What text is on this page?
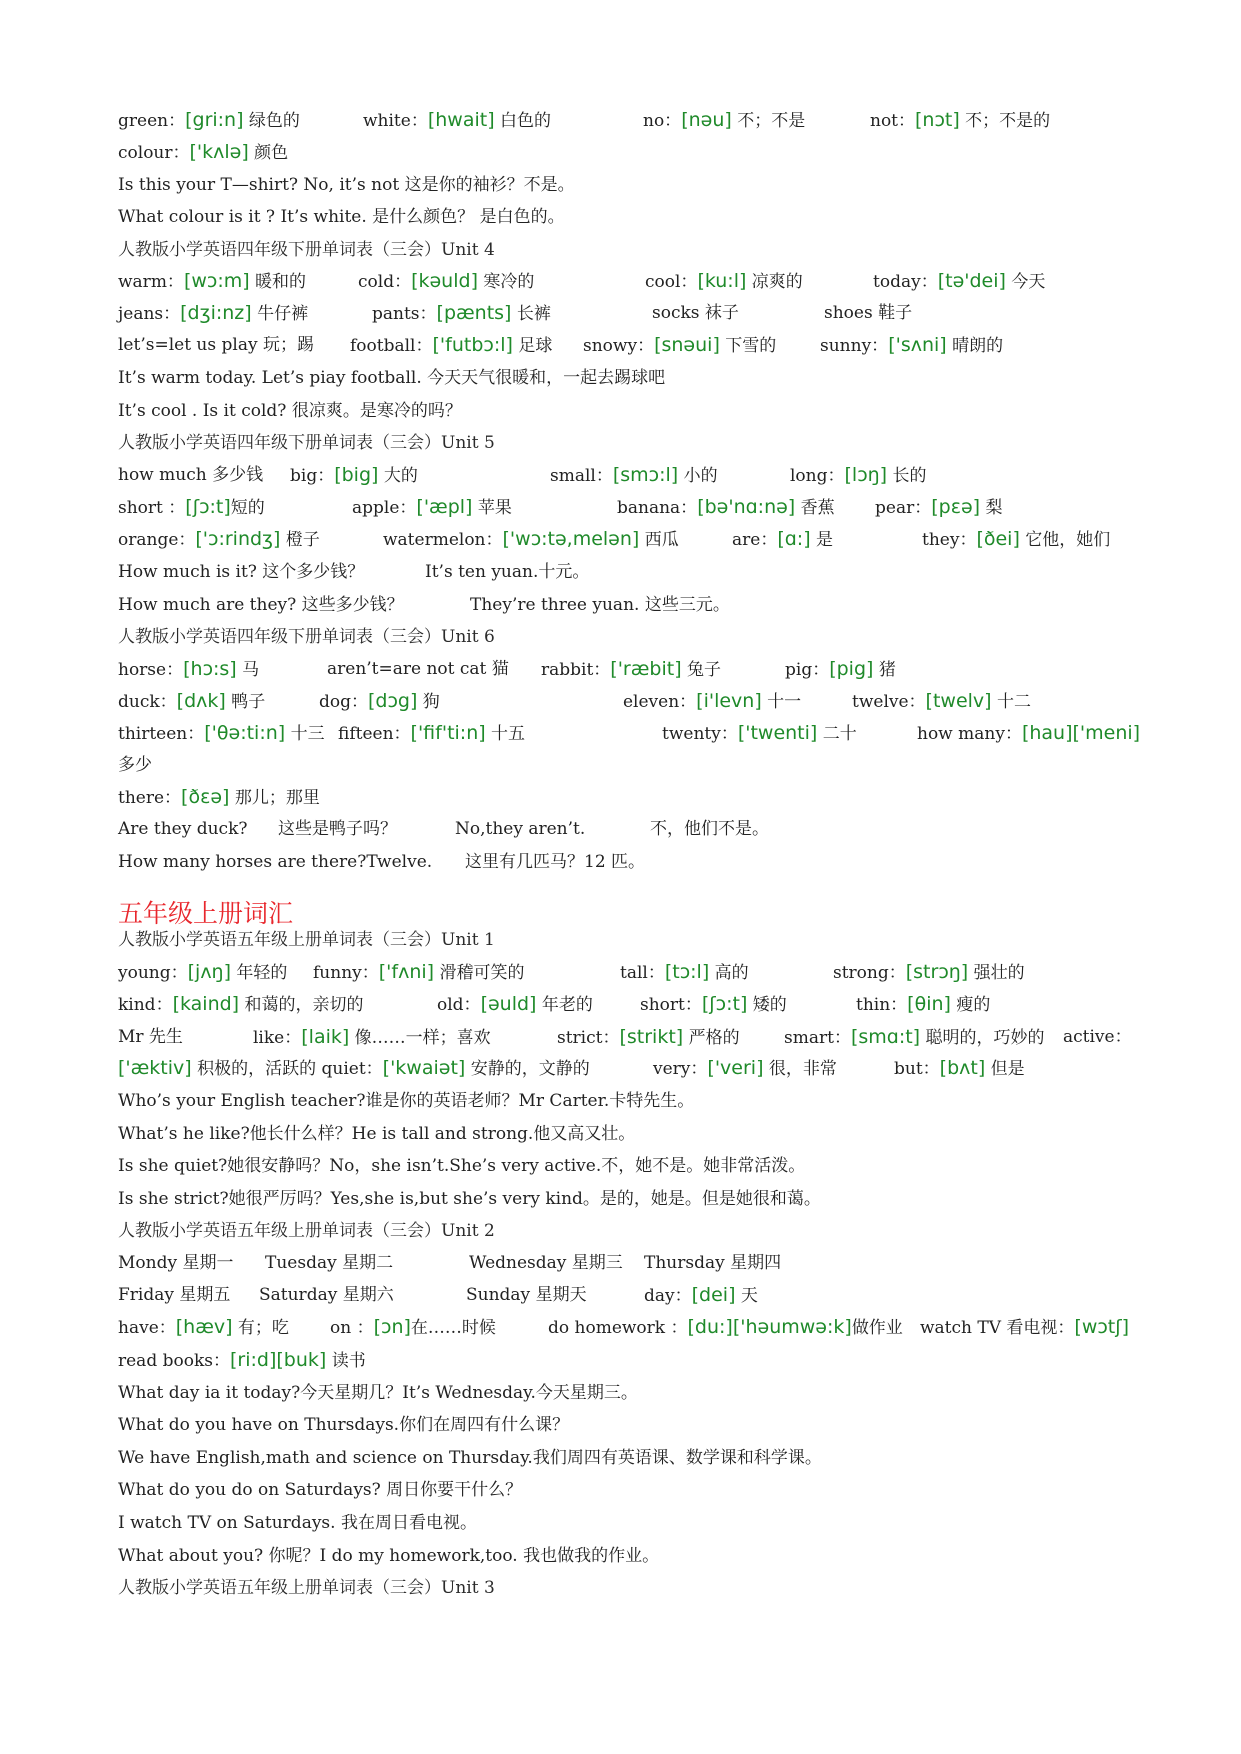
五年级上册词汇
green：[gri:n] 绿色的	white：[hwait] 白色的	no：[nəu] 不；不是	not：[nɔt] 不；不是的
colour：['kʌlə] 颜色
Is this your T—shirt? No, it’s not 这是你的袖衫？不是。
What colour is it ? It’s white. 是什么颜色？ 是白色的。
人教版小学英语四年级下册单词表（三会）Unit 4
warm：[wɔ:m] 暖和的	cold：[kəuld] 寒冷的	cool：[ku:l] 凉爽的	today：[tə'dei] 今天
jeans：[dʒi:nz] 牛仔裤	pants：[pænts] 长裤	socks 袜子	shoes 鞋子
let’s=let us play 玩；踢 football：['futbɔ:l] 足球 snowy：[snəui] 下雪的	sunny：['sʌni] 晴朗的
It’s warm today. Let’s piay football. 今天天气很暖和，一起去踢球吧
It’s cool . Is it cold? 很凉爽。是寒冷的吗？
人教版小学英语四年级下册单词表（三会）Unit 5
how much 多少钱 big：[big] 大的	small：[smɔ:l] 小的	long：[lɔŋ] 长的
short ：[ʃɔ:t]短的	apple：['æpl] 苹果	banana：[bə'nɑ:nə] 香蕉 pear：[pɛə] 梨
orange：['ɔ:rindʒ] 橙子	watermelon：['wɔ:tə,melən] 西瓜	are：[ɑ:] 是	they：[ðei] 它他，她们
How much is it? 这个多少钱？	It’s ten yuan.十元。
How much are they? 这些多少钱？	They’re three yuan. 这些三元。
人教版小学英语四年级下册单词表（三会）Unit 6
horse：[hɔ:s] 马	aren’t=are not cat 猫 rabbit：['ræbit] 兔子	pig：[pig] 猪
duck：[dʌk] 鸭子	dog：[dɔg] 狗	eleven：[i'levn] 十一	twelve：[twelv] 十二
thirteen：['θə:ti:n] 十三 fifteen：['fif'ti:n] 十五	twenty：['twenti] 二十	how many：[hau]['meni]
多少
there：[ðɛə] 那儿；那里
Are they duck? 这些是鸭子吗？	No,they aren’t.	不，他们不是。
How many horses are there?Twelve. 这里有几匹马？12 匹。
人教版小学英语五年级上册单词表（三会）Unit 1
young：[jʌŋ] 年轻的 funny：['fʌni] 滑稽可笑的	tall：[tɔ:l] 高的	strong：[strɔŋ] 强壮的
kind：[kaind] 和蔼的，亲切的	old：[əuld] 年老的	short：[ʃɔ:t] 矮的	thin：[θin] 瘦的
Mr 先生	like：[laik] 像……一样；喜欢	strict：[strikt] 严格的	smart：[smɑ:t] 聪明的，巧妙的 active：
['æktiv] 积极的，活跃的 quiet：['kwaiət] 安静的，文静的	very：['veri] 很，非常	but：[bʌt] 但是
Who’s your English teacher?谁是你的英语老师？Mr Carter.卡特先生。
What’s he like?他长什么样？He is tall and strong.他又高又壮。
Is she quiet?她很安静吗？No，she isn’t.She’s very active.不，她不是。她非常活泼。
Is she strict?她很严厉吗？Yes,she is,but she’s very kind。是的，她是。但是她很和蔼。
人教版小学英语五年级上册单词表（三会）Unit 2
Mondy 星期一 Tuesday 星期二	Wednesday 星期三 Thursday 星期四
Friday 星期五 Saturday 星期六	Sunday 星期天	day：[dei] 天
have：[hæv] 有；吃 on ：[ɔn]在……时候	do homework ：[du:]['həumwə:k]做作业 watch TV 看电视：[wɔtʃ]
read books：[ri:d][buk] 读书
What day ia it today?今天星期几？It’s Wednesday.今天星期三。
What do you have on Thursdays.你们在周四有什么课？
We have English,math and science on Thursday.我们周四有英语课、数学课和科学课。
What do you do on Saturdays? 周日你要干什么？
I watch TV on Saturdays. 我在周日看电视。
What about you? 你呢？I do my homework,too. 我也做我的作业。
人教版小学英语五年级上册单词表（三会）Unit 3
